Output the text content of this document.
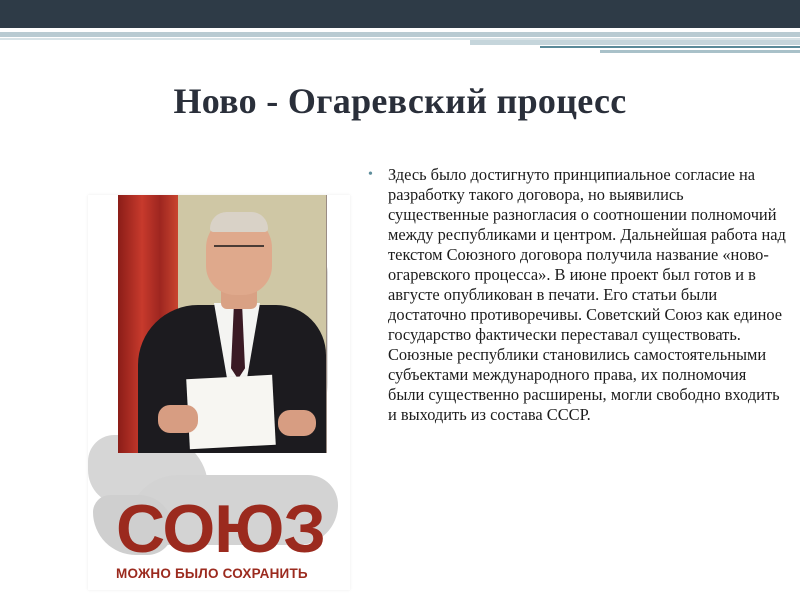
Ново - Огаревский процесс

СОЮЗ

МОЖНО БЫЛО СОХРАНИТЬ

• Здесь было достигнуто принципиальное согласие на разработку такого договора, но выявились существенные разногласия о соотношении полномочий между республиками и центром. Дальнейшая работа над текстом Союзного договора получила название «ново-огаревского процесса». В июне проект был готов и в августе опубликован в печати. Его статьи были достаточно противоречивы. Советский Союз как единое государство фактически переставал существовать. Союзные республики становились самостоятельными субъектами международного права, их полномочия были существенно расширены, могли свободно входить и выходить из состава СССР.
